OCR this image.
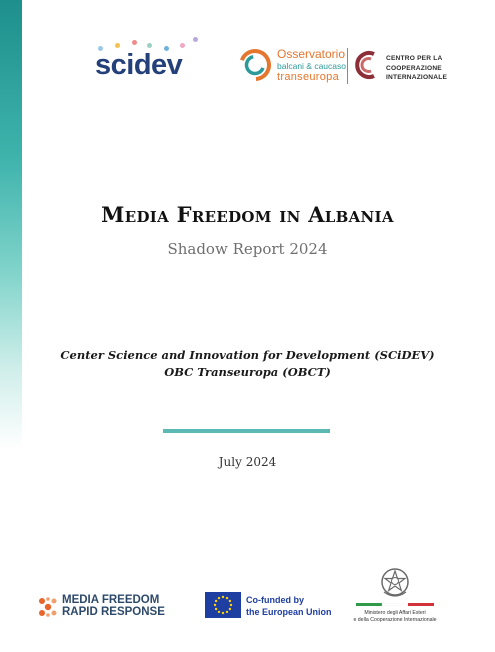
scidev	Osservatorio
balcani & caucaso
transeuropa
CENTRO PER LA
COOPERAZIONE
INTERNAZIONALE
Media Freedom in Albania
Shadow Report 2024
Center Science and Innovation for Development (SCiDEV)
OBC Transeuropa (OBCT)
July 2024
MEDIA FREEDOM
RAPID RESPONSE
Co-funded by
the European Union	Ministero degli Affari Esteri
e della Cooperazione Internazionale
